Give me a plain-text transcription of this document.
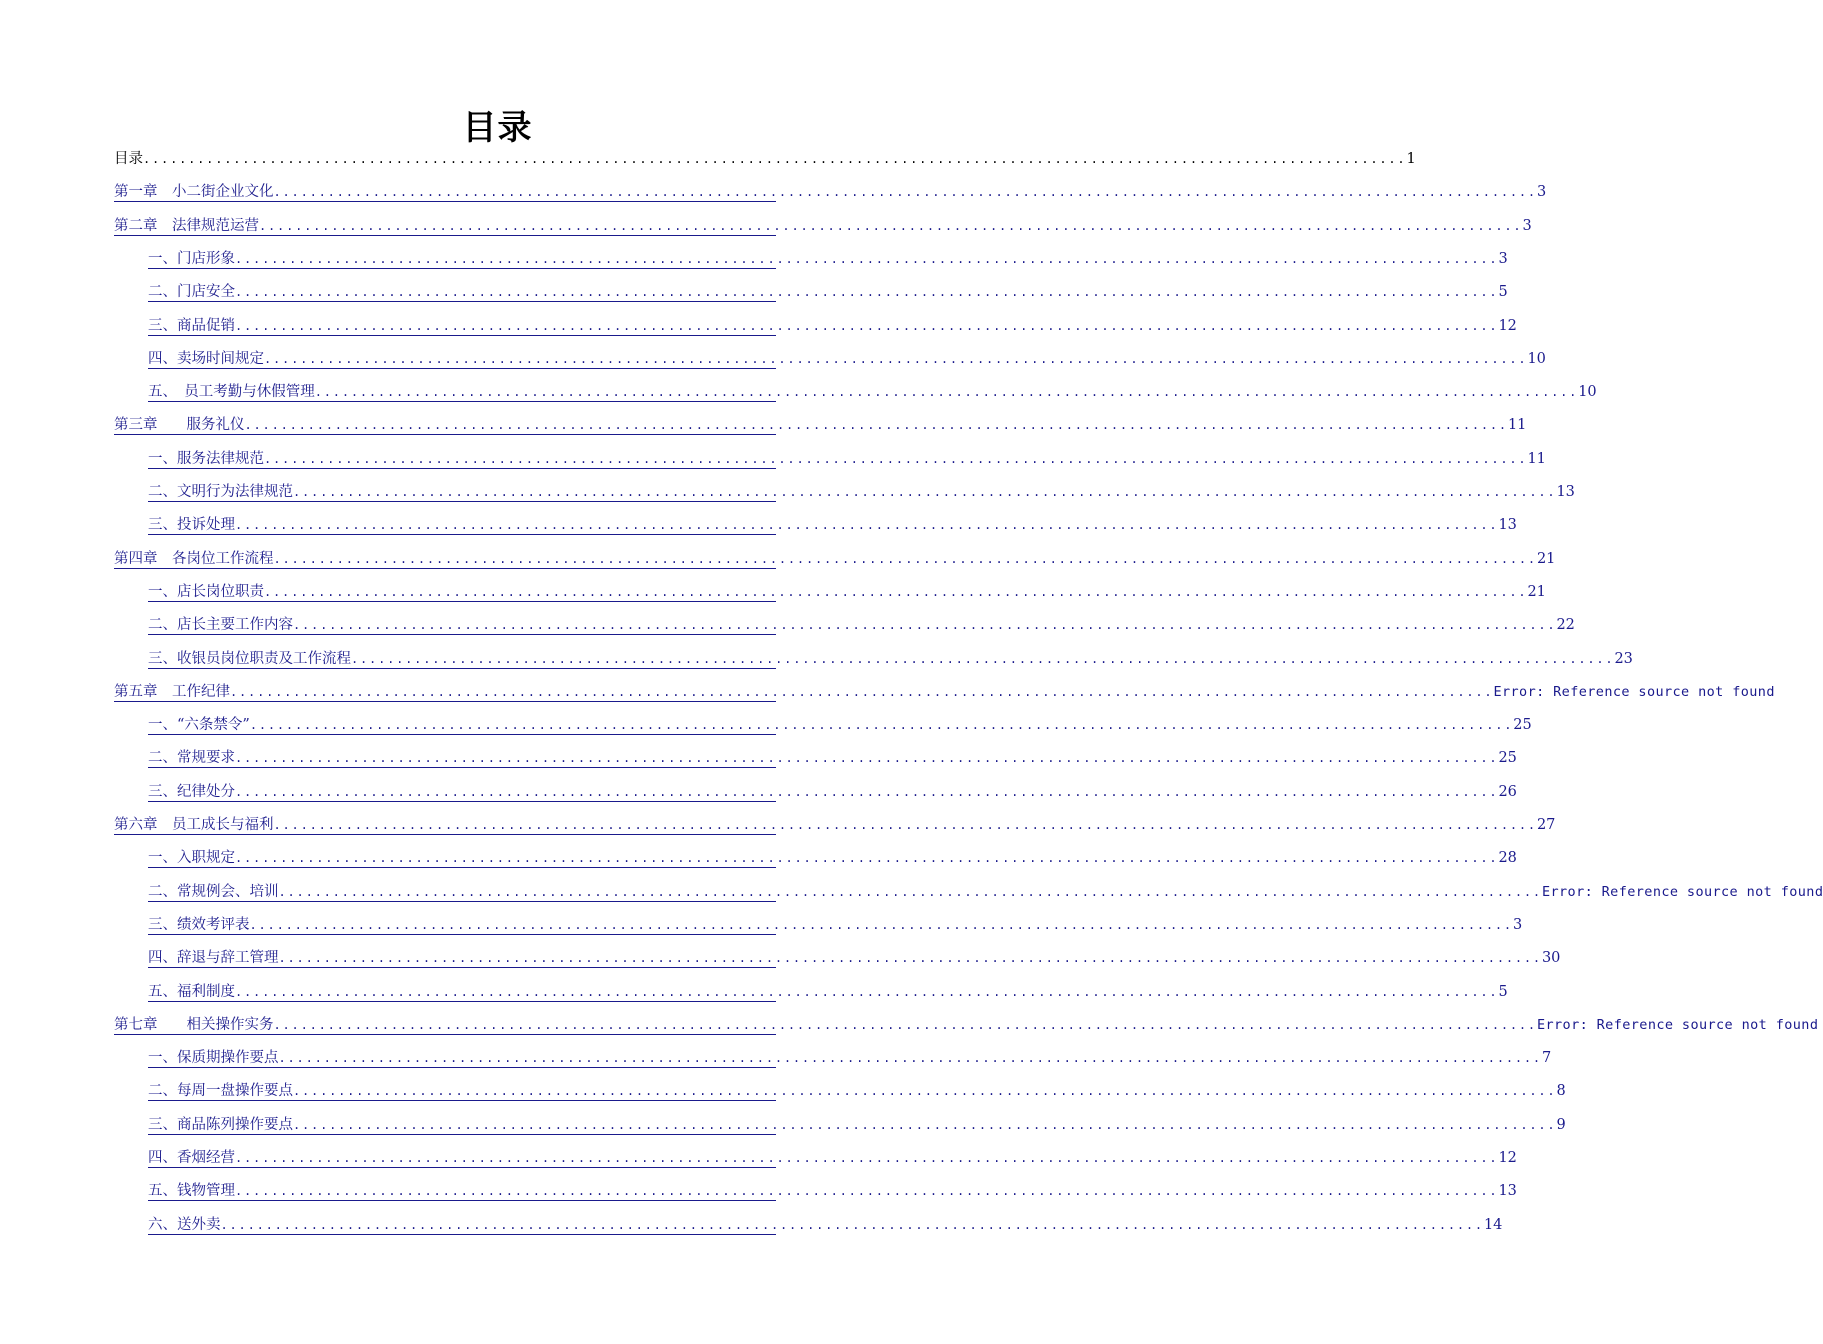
目录
目录 ............................................................................................................................................ 1
第一章　小二街企业文化 ............................................................................................................................................ 3
第二章　法律规范运营 ............................................................................................................................................ 3
一、门店形象 ............................................................................................................................................ 3
二、门店安全 ............................................................................................................................................ 5
三、商品促销 ............................................................................................................................................ 12
四、卖场时间规定 ............................................................................................................................................ 10
五、　员工考勤与休假管理 ............................................................................................................................................ 10
第三章　　服务礼仪 ............................................................................................................................................ 11
一、服务法律规范 ............................................................................................................................................ 11
二、文明行为法律规范 ............................................................................................................................................ 13
三、投诉处理 ............................................................................................................................................ 13
第四章　各岗位工作流程 ............................................................................................................................................ 21
一、店长岗位职责 ............................................................................................................................................ 21
二、店长主要工作内容 ............................................................................................................................................ 22
三、收银员岗位职责及工作流程 ............................................................................................................................................ 23
第五章　工作纪律 ............................................................................................................................................ Error: Reference source not found
一、“六条禁令” ............................................................................................................................................ 25
二、常规要求 ............................................................................................................................................ 25
三、纪律处分 ............................................................................................................................................ 26
第六章　员工成长与福利 ............................................................................................................................................ 27
一、入职规定 ............................................................................................................................................ 28
二、常规例会、培训 ............................................................................................................................................ Error: Reference source not found
三、绩效考评表 ............................................................................................................................................ 3
四、辞退与辞工管理 ............................................................................................................................................ 30
五、福利制度 ............................................................................................................................................ 5
第七章　　相关操作实务 ............................................................................................................................................ Error: Reference source not found
一、保质期操作要点 ............................................................................................................................................ 7
二、每周一盘操作要点 ............................................................................................................................................ 8
三、商品陈列操作要点 ............................................................................................................................................ 9
四、香烟经营 ............................................................................................................................................ 12
五、钱物管理 ............................................................................................................................................ 13
六、送外卖 ............................................................................................................................................ 14
